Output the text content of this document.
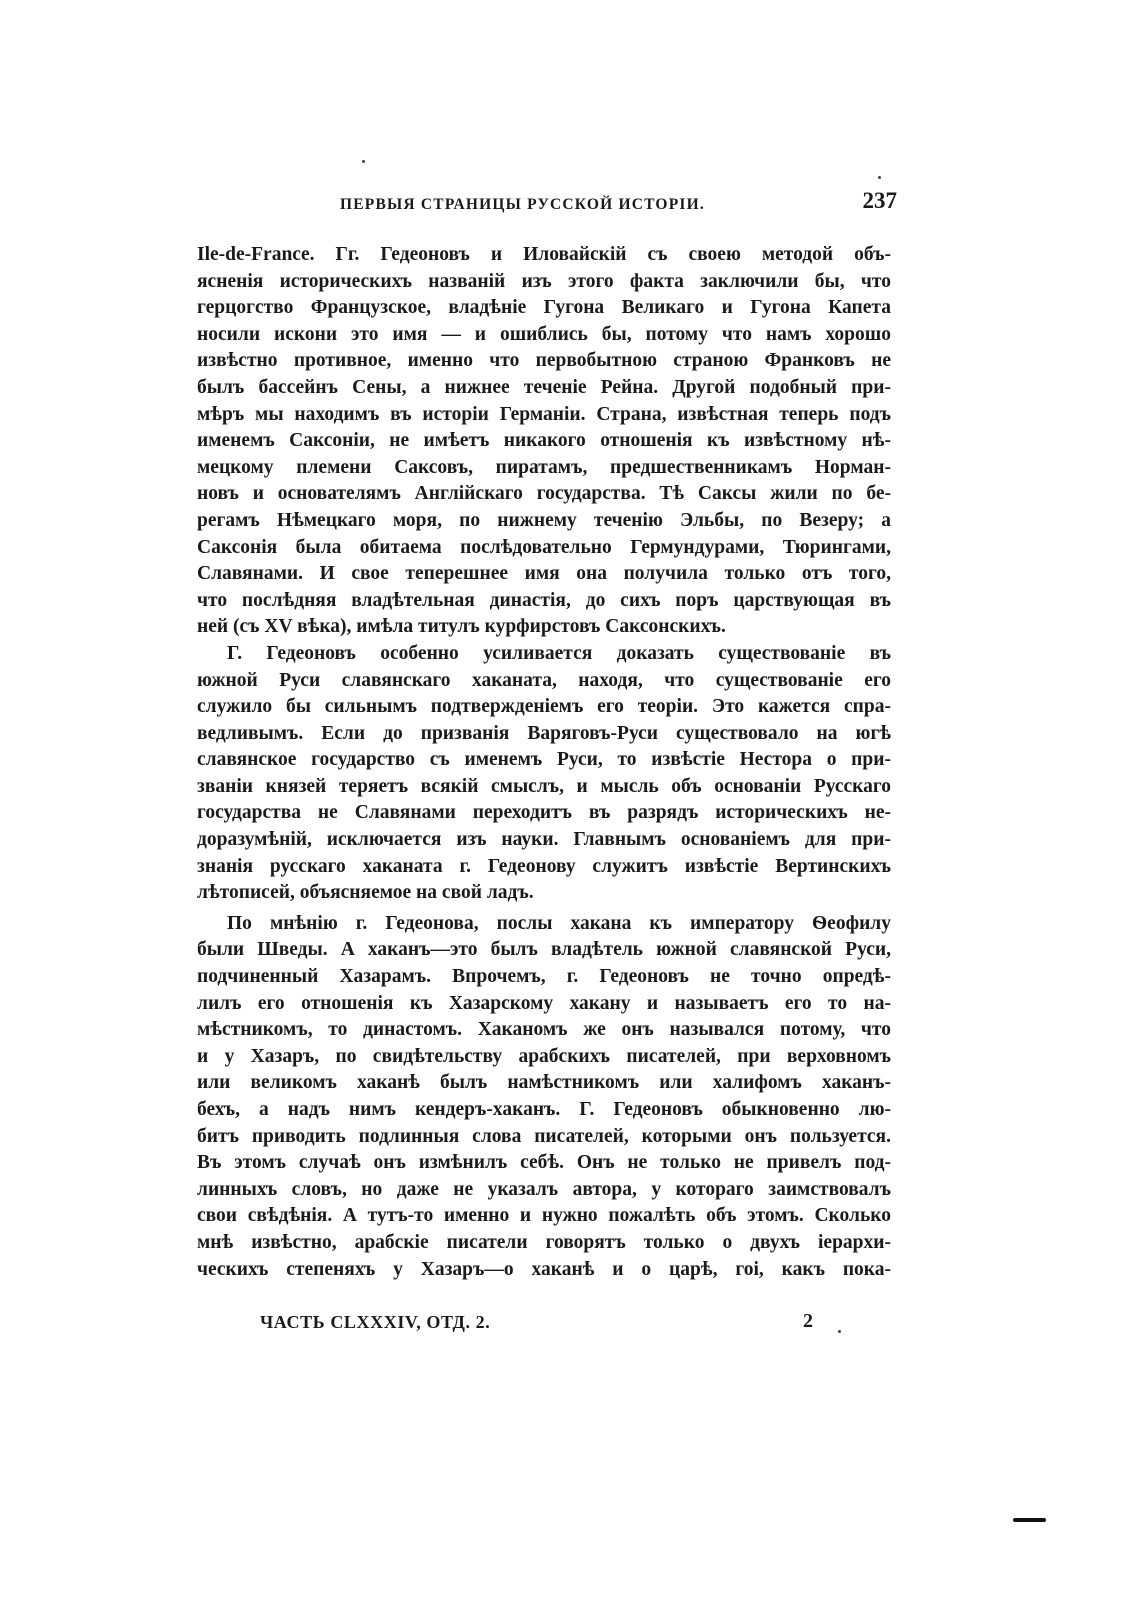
ПЕРВЫЯ СТРАНИЦЫ РУССКОЙ ИСТОРІИ.	237
Ile-de-France. Гг. Гедеоновъ и Иловайскій съ своею методой объ-
ясненія историческихъ названій изъ этого факта заключили бы, что
герцогство Французское, владѣніе Гугона Великаго и Гугона Капета
носили искони это имя — и ошиблись бы, потому что намъ хорошо
извѣстно противное, именно что первобытною страною Франковъ не
былъ бассейнъ Сены, а нижнее теченіе Рейна. Другой подобный при-
мѣръ мы находимъ въ исторіи Германіи. Страна, извѣстная теперь подъ
именемъ Саксоніи, не имѣетъ никакого отношенія къ извѣстному нѣ-
мецкому племени Саксовъ, пиратамъ, предшественникамъ Норман-
новъ и основателямъ Англійскаго государства. Тѣ Саксы жили по бе-
регамъ Нѣмецкаго моря, по нижнему теченію Эльбы, по Везеру; а
Саксонія была обитаема послѣдовательно Гермундурами, Тюрингами,
Славянами. И свое теперешнее имя она получила только отъ того,
что послѣдняя владѣтельная династія, до сихъ поръ царствующая въ
ней (съ XV вѣка), имѣла титулъ курфирстовъ Саксонскихъ.
Г. Гедеоновъ особенно усиливается доказать существованіе въ
южной Руси славянскаго хаканата, находя, что существованіе его
служило бы сильнымъ подтвержденіемъ его теоріи. Это кажется спра-
ведливымъ. Если до призванія Варяговъ-Руси существовало на югѣ
славянское государство съ именемъ Руси, то извѣстіе Нестора о при-
званіи князей теряетъ всякій смыслъ, и мысль объ основаніи Русскаго
государства не Славянами переходитъ въ разрядъ историческихъ не-
доразумѣній, исключается изъ науки. Главнымъ основаніемъ для при-
знанія русскаго хаканата г. Гедеонову служитъ извѣстіе Вертинскихъ
лѣтописей, объясняемое на свой ладъ.
По мнѣнію г. Гедеонова, послы хакана къ императору Ѳеофилу
были Шведы. А хаканъ—это былъ владѣтель южной славянской Руси,
подчиненный Хазарамъ. Впрочемъ, г. Гедеоновъ не точно опредѣ-
лилъ его отношенія къ Хазарскому хакану и называетъ его то на-
мѣстникомъ, то династомъ. Хаканомъ же онъ назывался потому, что
и у Хазаръ, по свидѣтельству арабскихъ писателей, при верховномъ
или великомъ хаканѣ былъ намѣстникомъ или халифомъ хаканъ-
бехъ, а надъ нимъ кендеръ-хаканъ. Г. Гедеоновъ обыкновенно лю-
битъ приводить подлинныя слова писателей, которыми онъ пользуется.
Въ этомъ случаѣ онъ измѣнилъ себѣ. Онъ не только не привелъ под-
линныхъ словъ, но даже не указалъ автора, у котораго заимствовалъ
свои свѣдѣнія. А тутъ-то именно и нужно пожалѣть объ этомъ. Сколько
мнѣ извѣстно, арабскіе писатели говорятъ только о двухъ іерархи-
ческихъ степеняхъ у Хазаръ—о хаканѣ и о царѣ, гоі, какъ пока-
ЧАСТЬ CLXXXIV, ОТД. 2.	2
